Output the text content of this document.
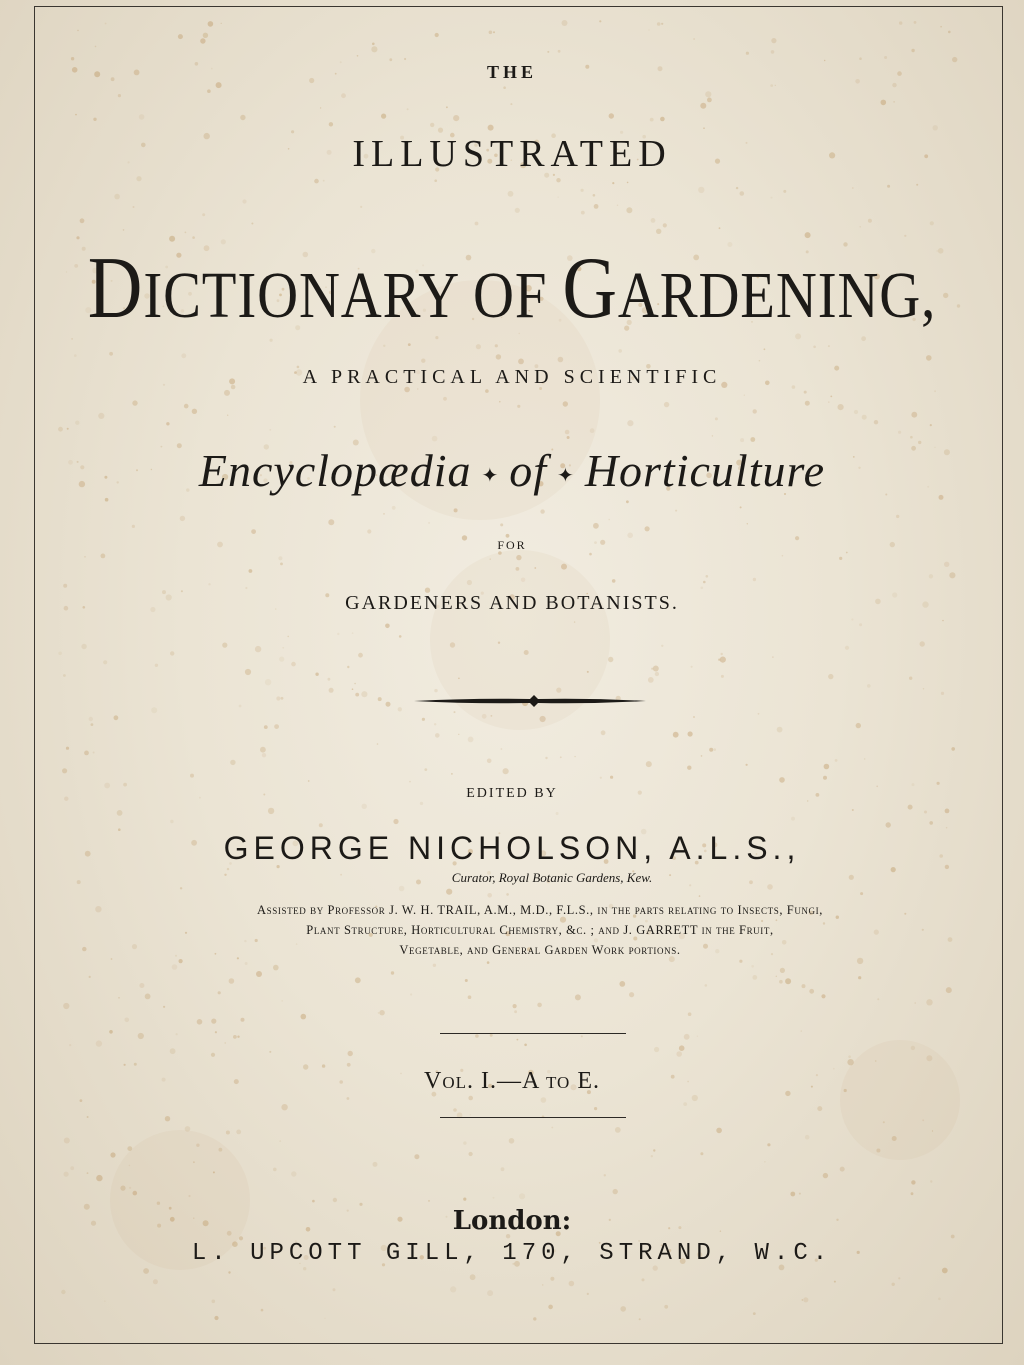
THE
ILLUSTRATED
DICTIONARY OF GARDENING,
A PRACTICAL AND SCIENTIFIC
Encyclopædia ✦ of ✦ Horticulture
FOR
GARDENERS AND BOTANISTS.
EDITED BY
GEORGE NICHOLSON, A.L.S.,
Curator, Royal Botanic Gardens, Kew.
Assisted by Professor J. W. H. TRAIL, A.M., M.D., F.L.S., in the parts relating to Insects, Fungi,
Plant Structure, Horticultural Chemistry, &c. ; and J. GARRETT in the Fruit,
Vegetable, and General Garden Work portions.
Vol. I.—A to E.
London:
L. UPCOTT GILL, 170, STRAND, W.C.
